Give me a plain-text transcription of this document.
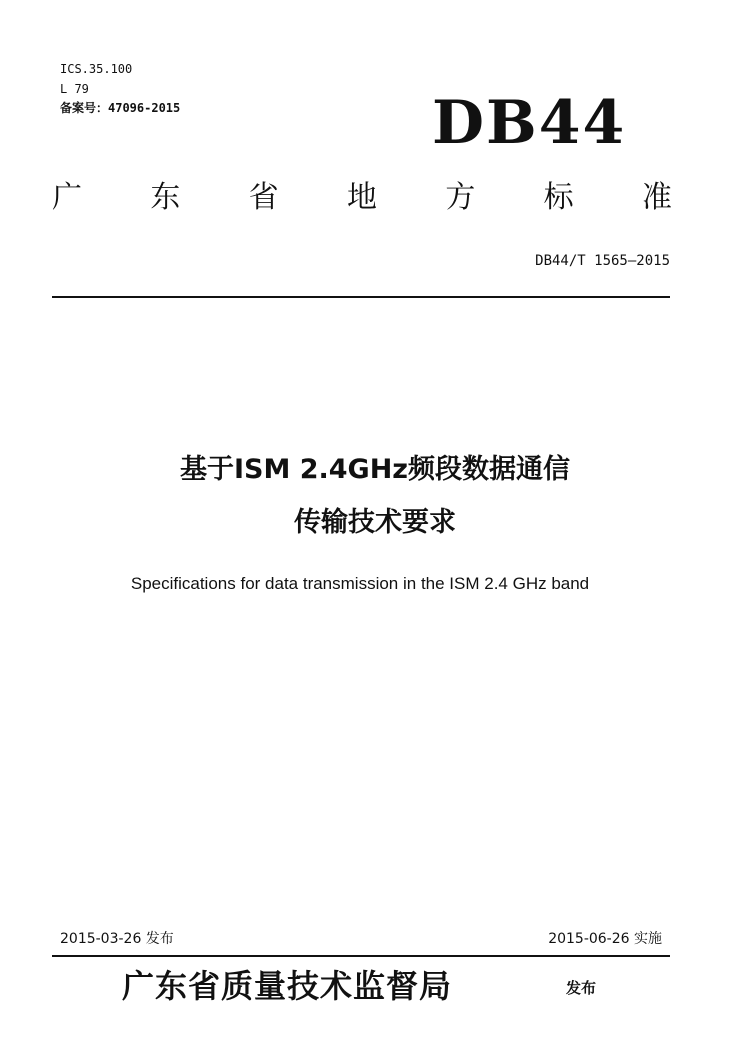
ICS.35.100
L 79
备案号：47096-2015	DB44
广 东 省 地 方 标 准
DB44/T 1565—2015
基于ISM 2.4GHz频段数据通信
传输技术要求
Specifications for data transmission in the ISM 2.4 GHz band
2015-03-26 发布	2015-06-26 实施
广东省质量技术监督局	发布
